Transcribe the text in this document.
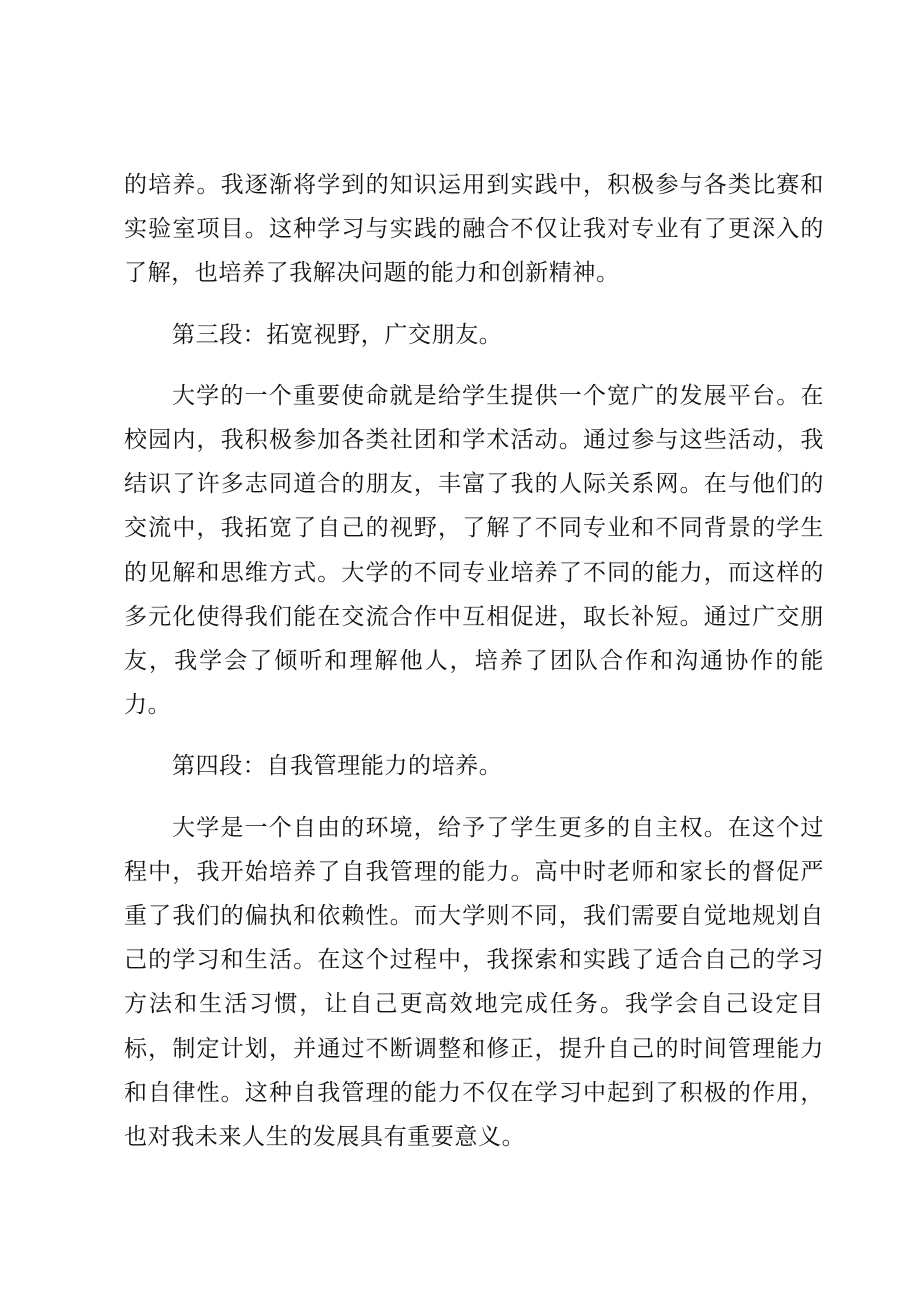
的培养。我逐渐将学到的知识运用到实践中，积极参与各类比赛和实验室项目。这种学习与实践的融合不仅让我对专业有了更深入的了解，也培养了我解决问题的能力和创新精神。

第三段：拓宽视野，广交朋友。

大学的一个重要使命就是给学生提供一个宽广的发展平台。在校园内，我积极参加各类社团和学术活动。通过参与这些活动，我结识了许多志同道合的朋友，丰富了我的人际关系网。在与他们的交流中，我拓宽了自己的视野，了解了不同专业和不同背景的学生的见解和思维方式。大学的不同专业培养了不同的能力，而这样的多元化使得我们能在交流合作中互相促进，取长补短。通过广交朋友，我学会了倾听和理解他人，培养了团队合作和沟通协作的能力。

第四段：自我管理能力的培养。

大学是一个自由的环境，给予了学生更多的自主权。在这个过程中，我开始培养了自我管理的能力。高中时老师和家长的督促严重了我们的偏执和依赖性。而大学则不同，我们需要自觉地规划自己的学习和生活。在这个过程中，我探索和实践了适合自己的学习方法和生活习惯，让自己更高效地完成任务。我学会自己设定目标，制定计划，并通过不断调整和修正，提升自己的时间管理能力和自律性。这种自我管理的能力不仅在学习中起到了积极的作用，也对我未来人生的发展具有重要意义。
